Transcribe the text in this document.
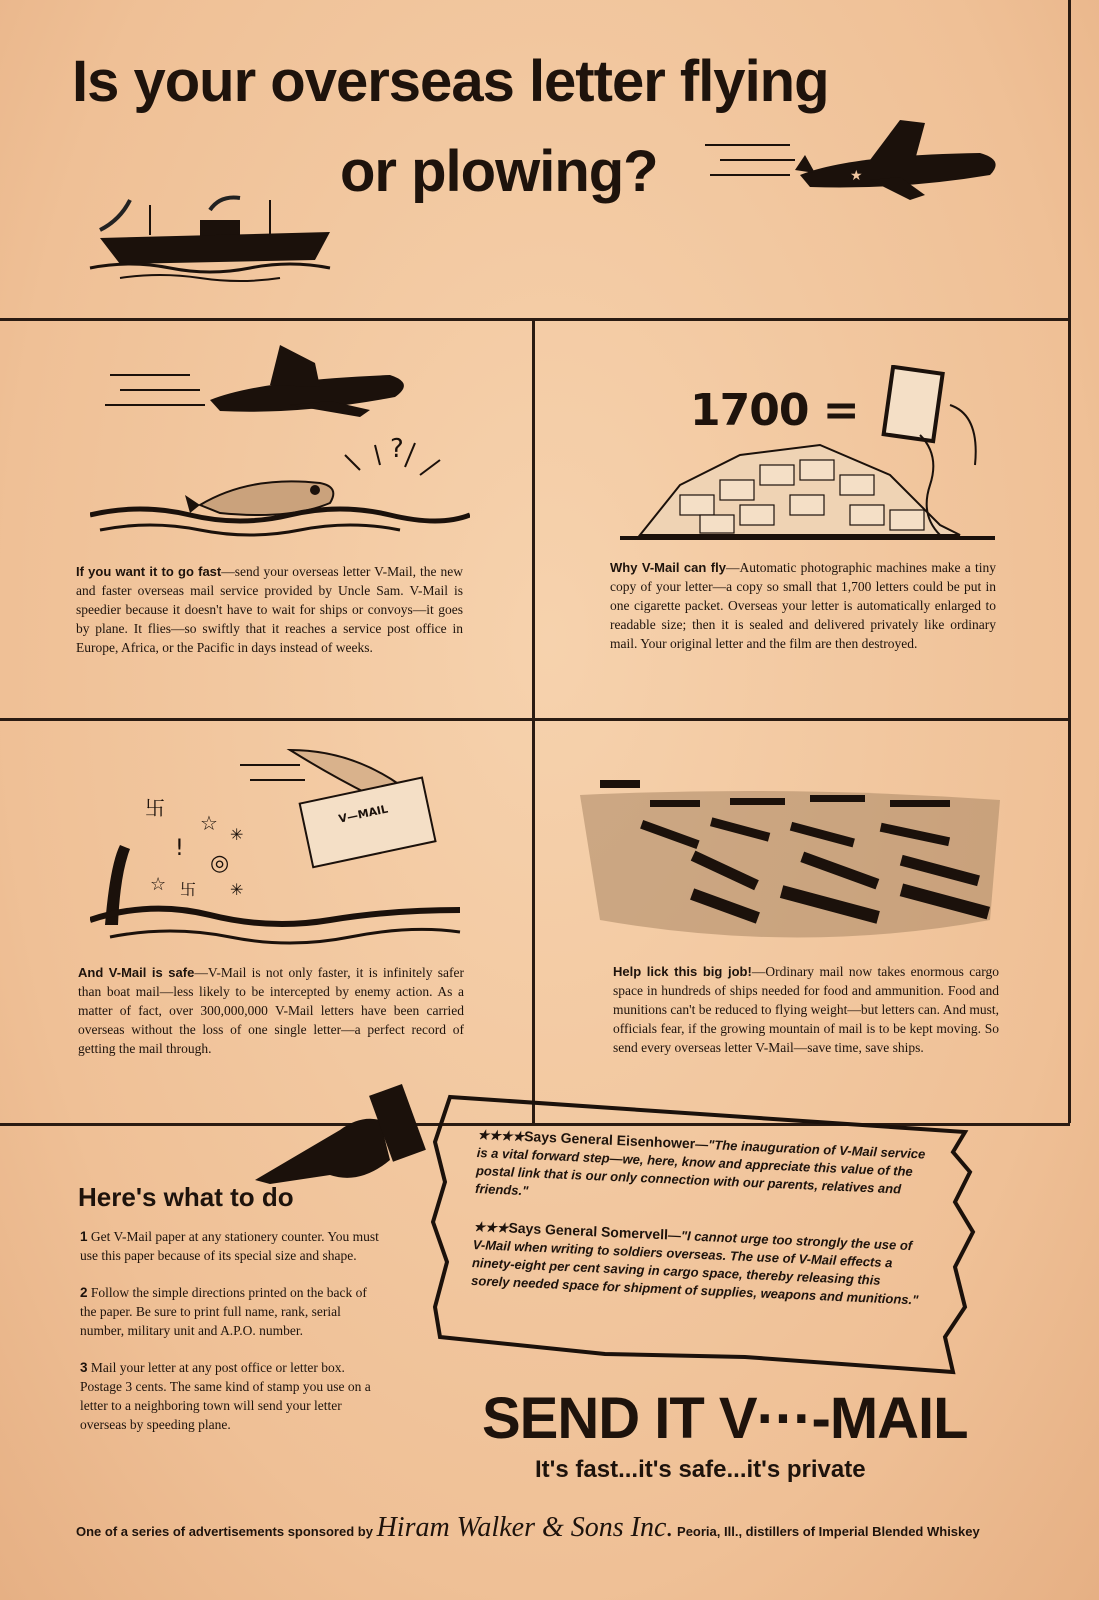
Is your overseas letter flying
or plowing?	★
?
If you want it to go fast—send your overseas letter V-Mail, the new and faster overseas mail service provided by Uncle Sam. V-Mail is speedier because it doesn't have to wait for ships or convoys—it goes by plane. It flies—so swiftly that it reaches a service post office in Europe, Africa, or the Pacific in days instead of weeks.
1700 =
Why V-Mail can fly—Automatic photographic machines make a tiny copy of your letter—a copy so small that 1,700 letters could be put in one cigarette packet. Overseas your letter is automatically enlarged to readable size; then it is sealed and delivered privately like ordinary mail. Your original letter and the film are then destroyed.
V—MAIL
卐
☆
◎
☆ 卐
✳
✳
!
And V-Mail is safe—V-Mail is not only faster, it is infinitely safer than boat mail—less likely to be intercepted by enemy action. As a matter of fact, over 300,000,000 V-Mail letters have been carried overseas without the loss of one single letter—a perfect record of getting the mail through.
Help lick this big job!—Ordinary mail now takes enormous cargo space in hundreds of ships needed for food and ammunition. Food and munitions can't be reduced to flying weight—but letters can. And must, officials fear, if the growing mountain of mail is to be kept moving. So send every overseas letter V-Mail—save time, save ships.
Here's what to do
1 Get V-Mail paper at any stationery counter. You must use this paper because of its special size and shape.
2 Follow the simple directions printed on the back of the paper. Be sure to print full name, rank, serial number, military unit and A.P.O. number.
3 Mail your letter at any post office or letter box. Postage 3 cents. The same kind of stamp you use on a letter to a neighboring town will send your letter overseas by speeding plane.
★★★★Says General Eisenhower—"The inauguration of V-Mail service is a vital forward step—we, here, know and appreciate this value of the postal link that is our only connection with our parents, relatives and friends."
★★★Says General Somervell—"I cannot urge too strongly the use of V-Mail when writing to soldiers overseas. The use of V-Mail effects a ninety-eight per cent saving in cargo space, thereby releasing this sorely needed space for shipment of supplies, weapons and munitions."
SEND IT V···-MAIL
It's fast...it's safe...it's private
One of a series of advertisements sponsored by Hiram Walker & Sons Inc. Peoria, Ill., distillers of Imperial Blended Whiskey
